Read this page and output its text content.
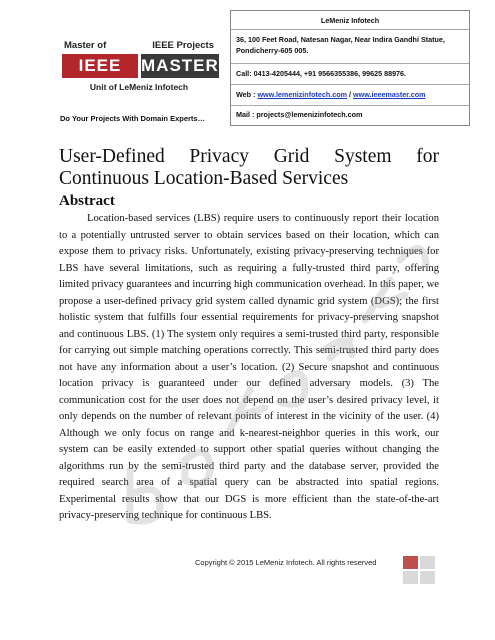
Master of	IEEE Projects
IEEE	MASTER
Unit of LeMeniz Infotech
Do Your Projects With Domain Experts…
LeMeniz Infotech
36, 100 Feet Road, Natesan Nagar, Near Indira Gandhi Statue, Pondicherry-605 005.
Call: 0413-4205444, +91 9566355386, 99625 88976.
Web : www.lemenizinfotech.com / www.ieeemaster.com
Mail : projects@lemenizinfotech.com
User-Defined Privacy Grid System for
Continuous Location-Based Services
Abstract
Location-based services (LBS) require users to continuously report their location to a potentially untrusted server to obtain services based on their location, which can expose them to privacy risks. Unfortunately, existing privacy-preserving techniques for LBS have several limitations, such as requiring a fully-trusted third party, offering limited privacy guarantees and incurring high communication overhead. In this paper, we propose a user-defined privacy grid system called dynamic grid system (DGS); the first holistic system that fulfills four essential requirements for privacy-preserving snapshot and continuous LBS. (1) The system only requires a semi-trusted third party, responsible for carrying out simple matching operations correctly. This semi-trusted third party does not have any information about a user’s location. (2) Secure snapshot and continuous location privacy is guaranteed under our defined adversary models. (3) The communication cost for the user does not depend on the user’s desired privacy level, it only depends on the number of relevant points of interest in the vicinity of the user. (4) Although we only focus on range and k-nearest-neighbor queries in this work, our system can be easily extended to support other spatial queries without changing the algorithms run by the semi-trusted third party and the database server, provided the required search area of a spatial query can be abstracted into spatial regions. Experimental results show that our DGS is more efficient than the state-of-the-art privacy-preserving technique for continuous LBS.
Copyright © 2015 LeMeniz Infotech. All rights reserved
